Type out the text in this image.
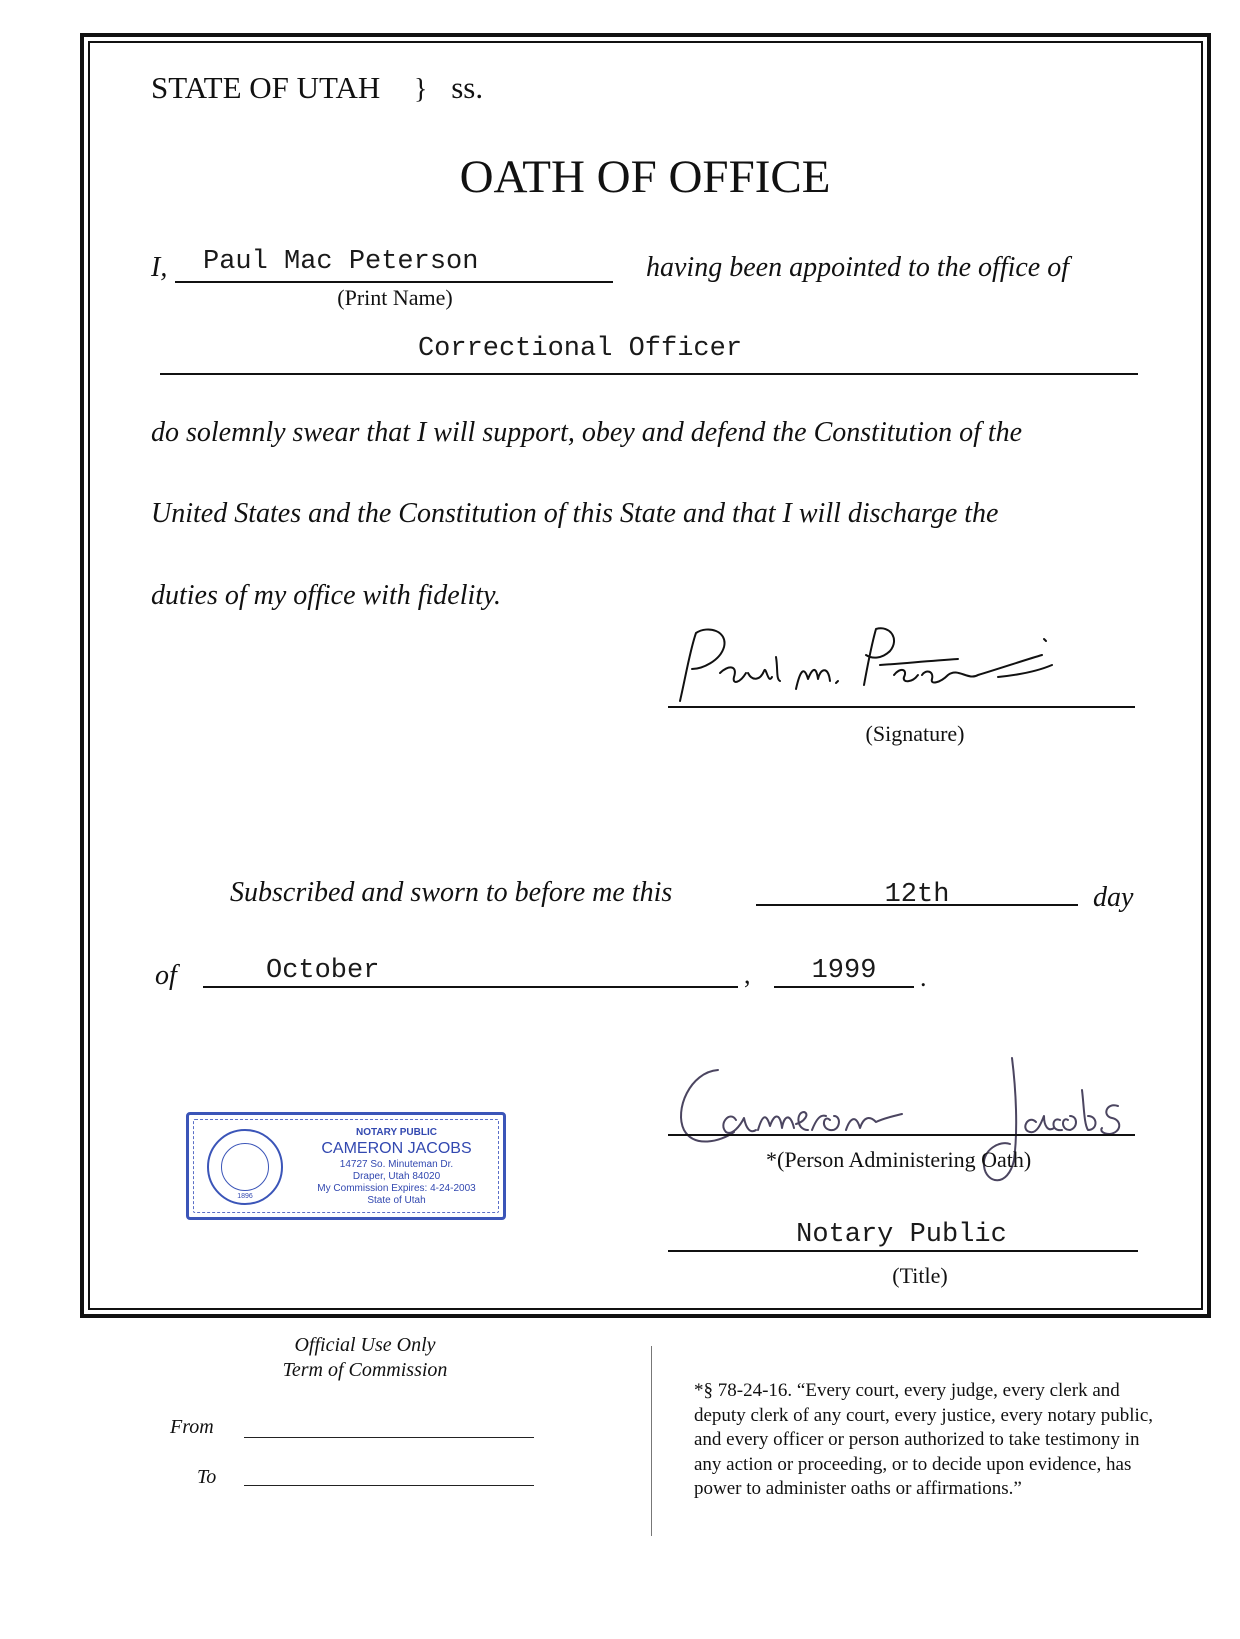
STATE OF UTAH } ss.
OATH OF OFFICE
I, Paul Mac Peterson
(Print Name)
having been appointed to the office of
Correctional Officer
do solemnly swear that I will support, obey and defend the Constitution of the
United States and the Constitution of this State and that I will discharge the
duties of my office with fidelity.
(Signature)
Subscribed and sworn to before me this	12th	day
of	October	,	1999	.
1896
NOTARY PUBLIC
CAMERON JACOBS
14727 So. Minuteman Dr.
Draper, Utah 84020
My Commission Expires: 4-24-2003
State of Utah
*(Person Administering Oath)
Notary Public
(Title)
Official Use Only
Term of Commission
From
To
*§ 78-24-16. “Every court, every judge, every clerk and
deputy clerk of any court, every justice, every notary public,
and every officer or person authorized to take testimony in
any action or proceeding, or to decide upon evidence, has
power to administer oaths or affirmations.”
